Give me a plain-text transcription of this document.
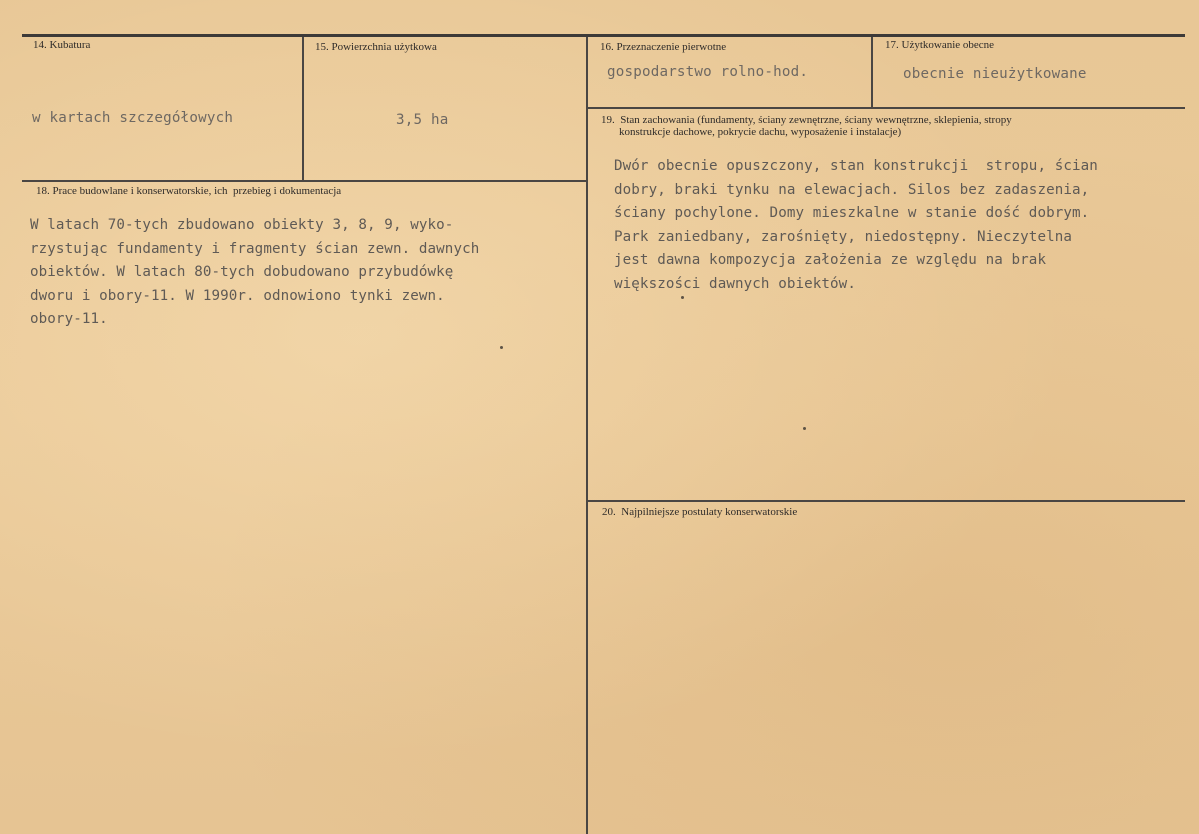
14. Kubatura
w kartach szczegółowych
15. Powierzchnia użytkowa
3,5 ha
16. Przeznaczenie pierwotne
gospodarstwo rolno-hod.
17. Użytkowanie obecne
obecnie nieużytkowane
18. Prace budowlane i konserwatorskie, ich  przebieg i dokumentacja
W latach 70-tych zbudowano obiekty 3, 8, 9, wyko-
rzystując fundamenty i fragmenty ścian zewn. dawnych
obiektów. W latach 80-tych dobudowano przybudówkę
dworu i obory-11. W 1990r. odnowiono tynki zewn.
obory-11.
19.  Stan zachowania (fundamenty, ściany zewnętrzne, ściany wewnętrzne, sklepienia, stropy
konstrukcje dachowe, pokrycie dachu, wyposażenie i instalacje)
Dwór obecnie opuszczony, stan konstrukcji  stropu, ścian
dobry, braki tynku na elewacjach. Silos bez zadaszenia,
ściany pochylone. Domy mieszkalne w stanie dość dobrym.
Park zaniedbany, zarośnięty, niedostępny. Nieczytelna
jest dawna kompozycja założenia ze względu na brak
większości dawnych obiektów.
20.  Najpilniejsze postulaty konserwatorskie
